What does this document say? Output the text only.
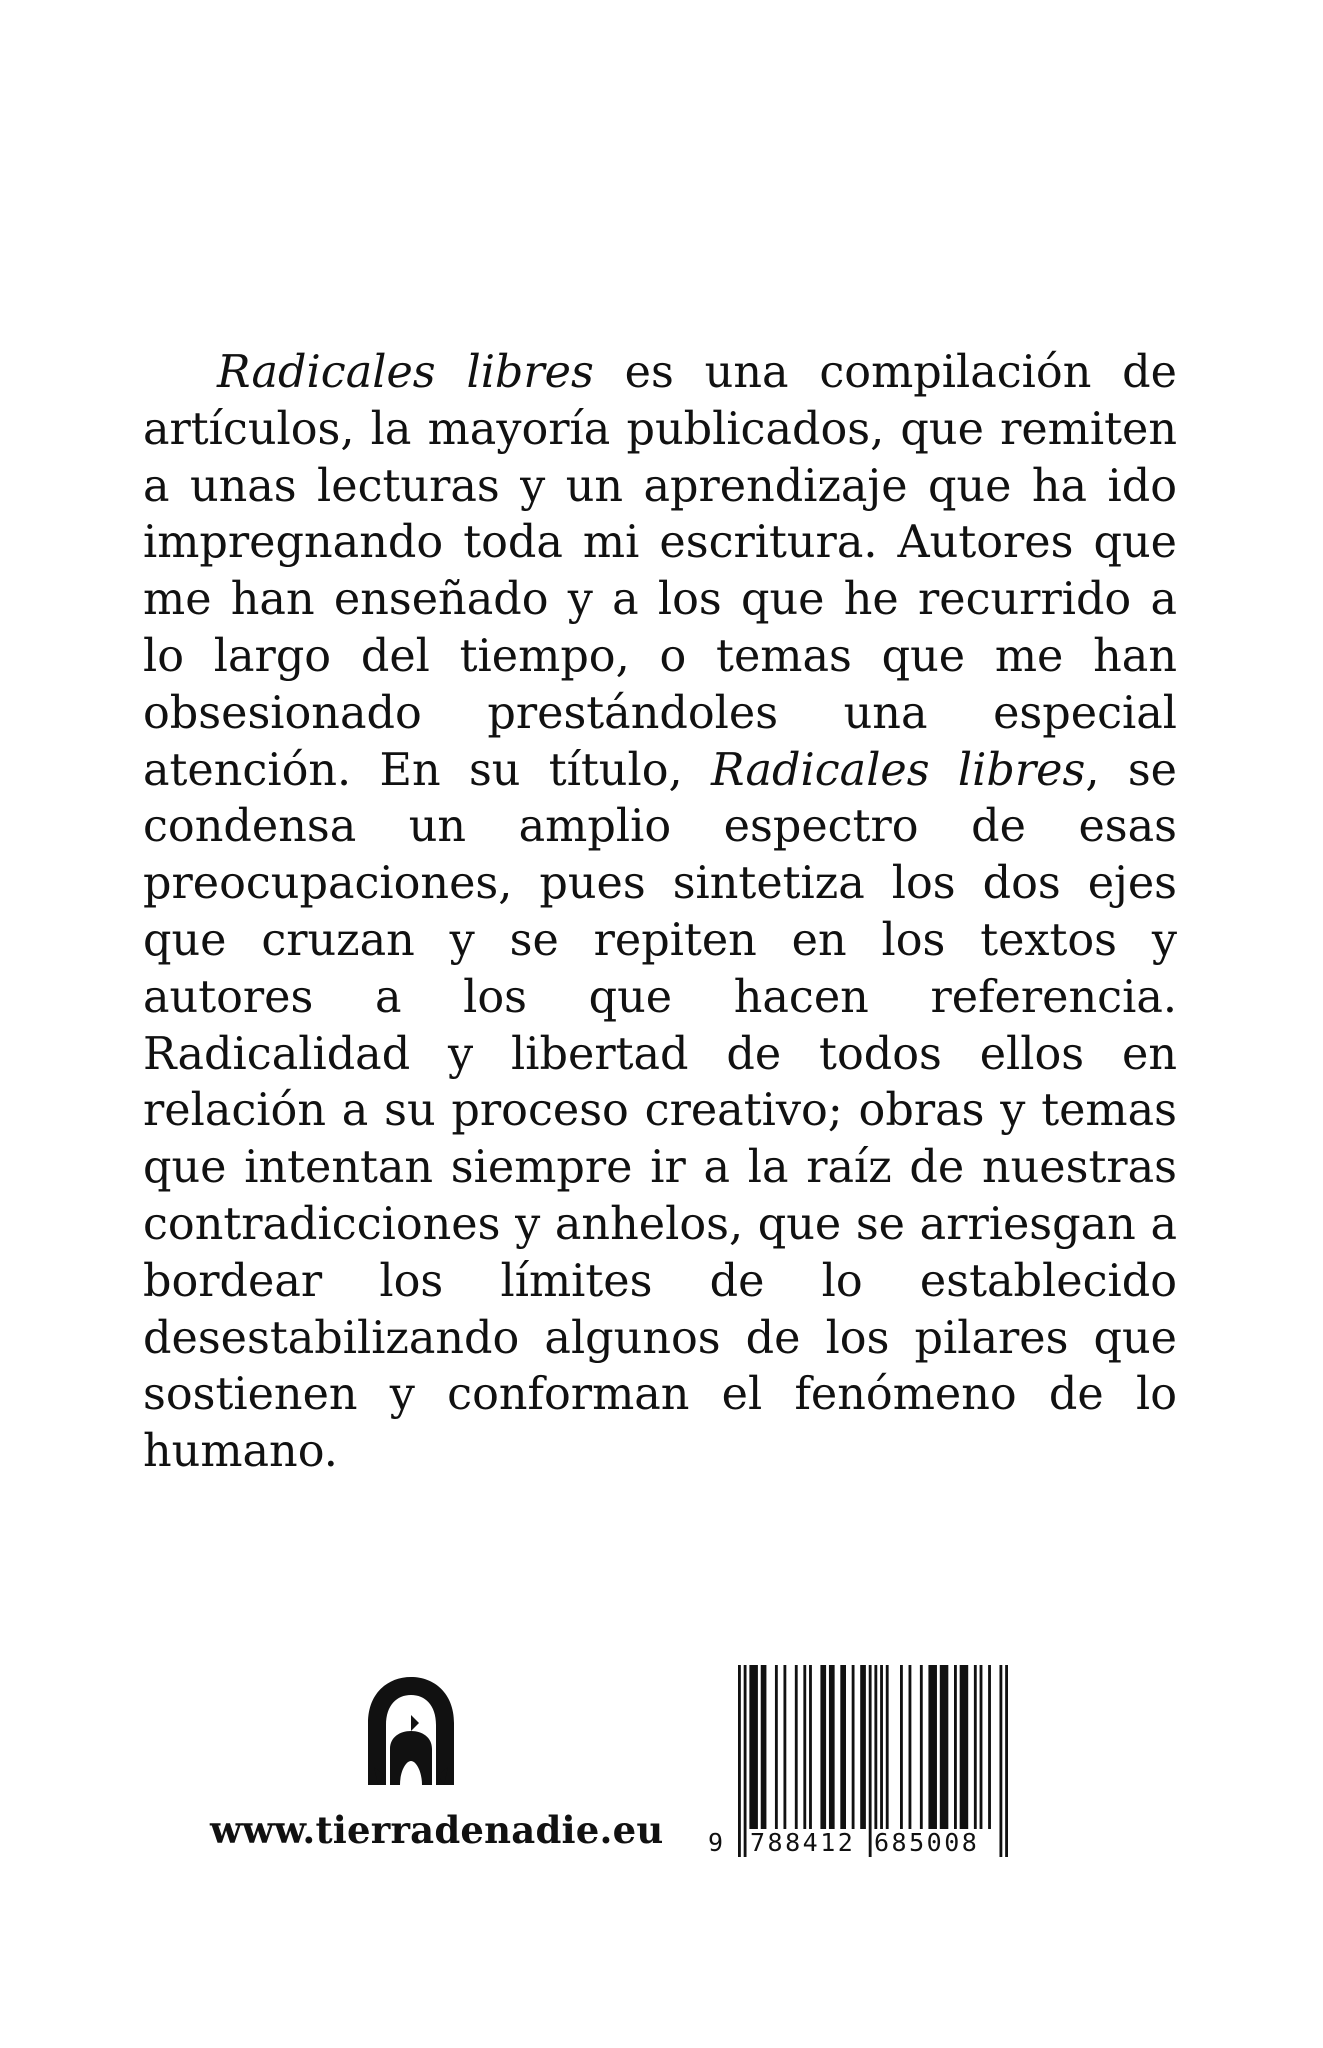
Radicales libres es una compilación de artículos, la mayoría publicados, que remiten a unas lecturas y un aprendizaje que ha ido impregnando toda mi escritura. Autores que me han enseñado y a los que he recurrido a lo largo del tiempo, o temas que me han obsesionado prestándoles una especial atención. En su título, Radicales libres, se condensa un amplio espectro de esas preocupaciones, pues sintetiza los dos ejes que cruzan y se repiten en los textos y autores a los que hacen referencia. Radicalidad y libertad de todos ellos en relación a su proceso creativo; obras y temas que intentan siempre ir a la raíz de nuestras contradicciones y anhelos, que se arriesgan a bordear los límites de lo establecido desestabilizando algunos de los pilares que sostienen y conforman el fenómeno de lo humano.

www.tierradenadie.eu 9 788412 685008
